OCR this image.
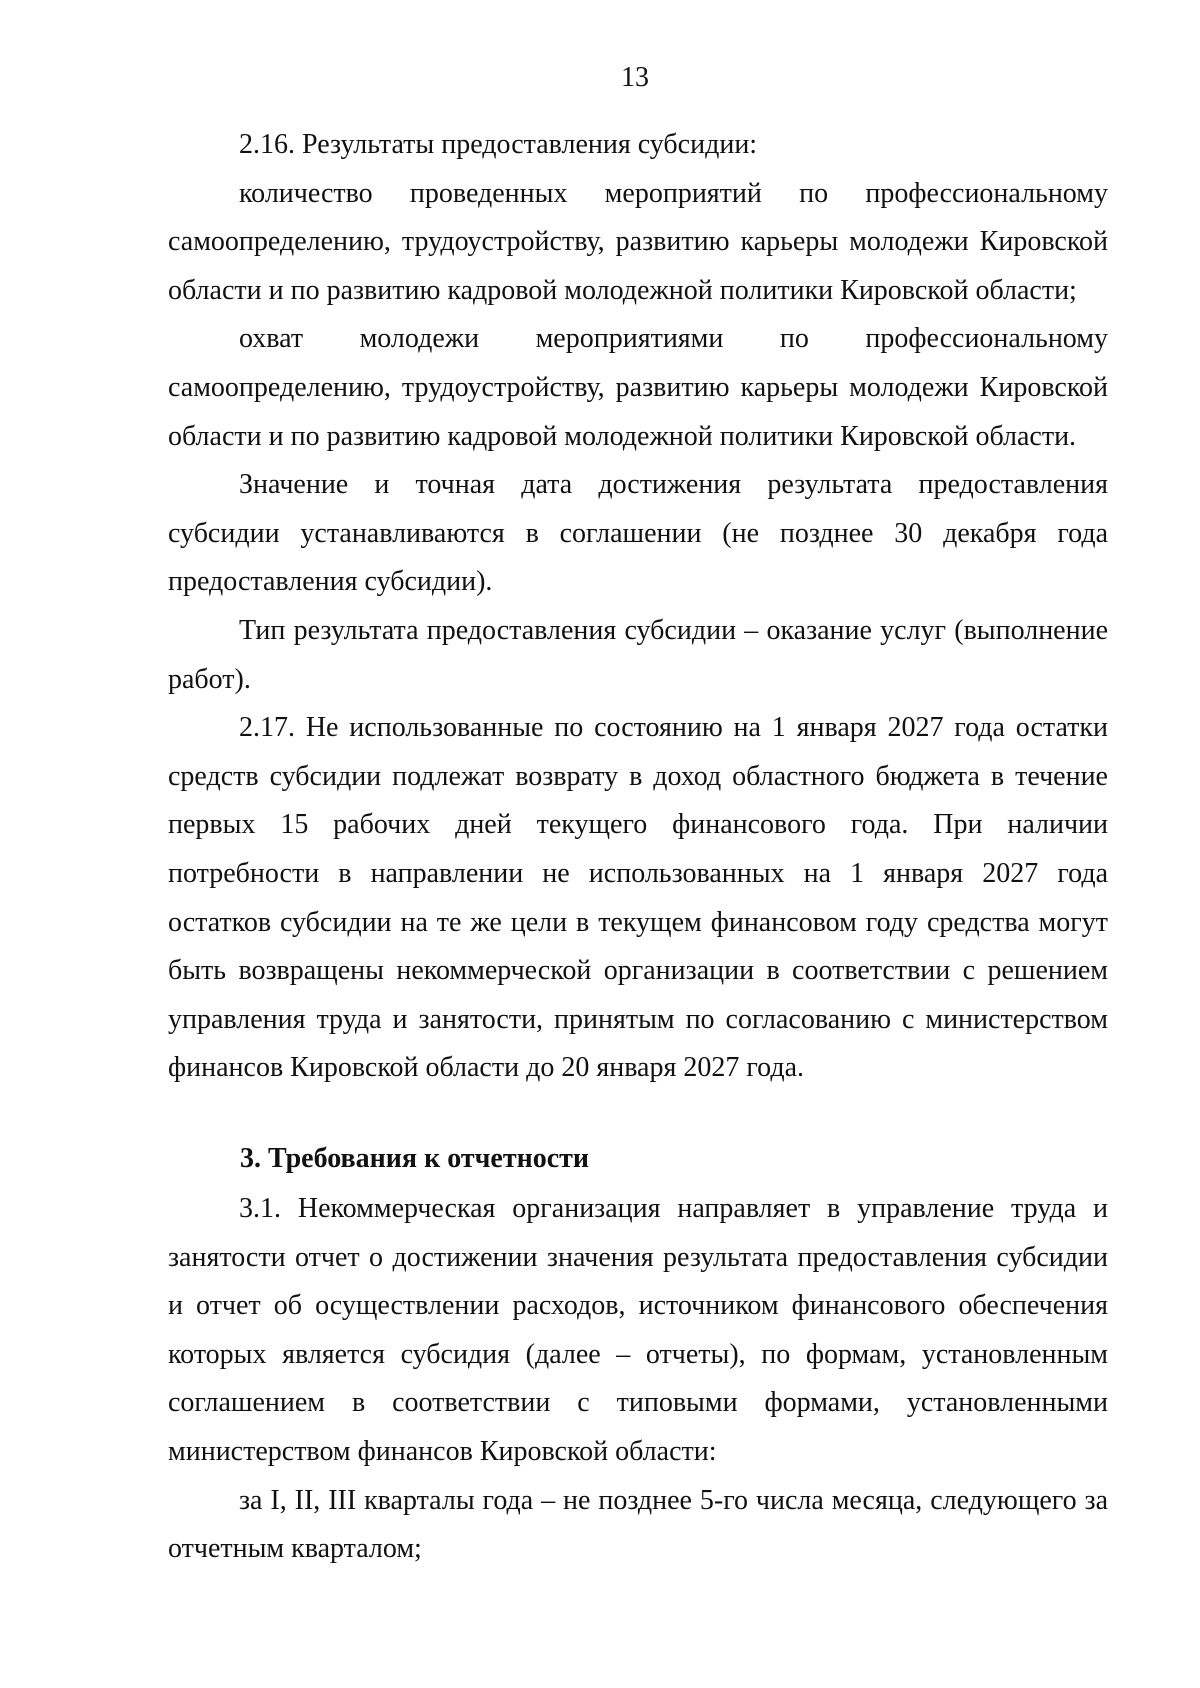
13

2.16. Результаты предоставления субсидии:

количество проведенных мероприятий по профессиональному самоопределению, трудоустройству, развитию карьеры молодежи Кировской области и по развитию кадровой молодежной политики Кировской области;

охват молодежи мероприятиями по профессиональному самоопределению, трудоустройству, развитию карьеры молодежи Кировской области и по развитию кадровой молодежной политики Кировской области.

Значение и точная дата достижения результата предоставления субсидии устанавливаются в соглашении (не позднее 30 декабря года предоставления субсидии).

Тип результата предоставления субсидии – оказание услуг (выполнение работ).

2.17. Не использованные по состоянию на 1 января 2027 года остатки средств субсидии подлежат возврату в доход областного бюджета в течение первых 15 рабочих дней текущего финансового года. При наличии потребности в направлении не использованных на 1 января 2027 года остатков субсидии на те же цели в текущем финансовом году средства могут быть возвращены некоммерческой организации в соответствии с решением управления труда и занятости, принятым по согласованию с министерством финансов Кировской области до 20 января 2027 года.

3. Требования к отчетности

3.1. Некоммерческая организация направляет в управление труда и занятости отчет о достижении значения результата предоставления субсидии и отчет об осуществлении расходов, источником финансового обеспечения которых является субсидия (далее – отчеты), по формам, установленным соглашением в соответствии с типовыми формами, установленными министерством финансов Кировской области:

за I, II, III кварталы года – не позднее 5-го числа месяца, следующего за отчетным кварталом;
